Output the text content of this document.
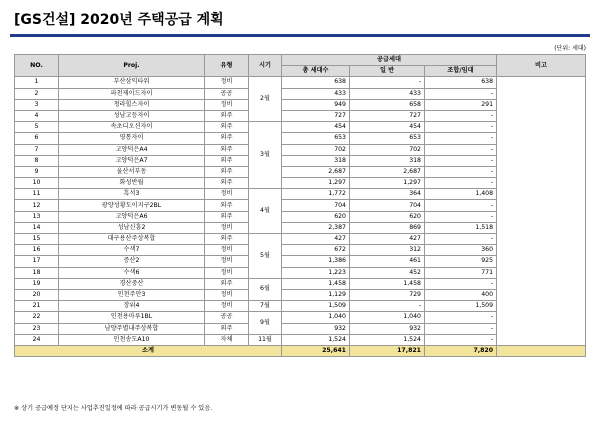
[GS건설] 2020년 주택공급 계획
(단위: 세대)
NO.	Proj.	유형	시기	공급세대			비고
				총 세대수	일 반	조합/임대	
1	부산삼익타워	정비	2월	638	-	638	
2	파천제이드자이	공공		433	433	-	
3	청라힐스자이	정비		949	658	291	
4	성남고등자이	외주		727	727	-	
5	속초디오션자이	외주	3월	454	454	-	
6	영통자이	외주		653	653	-	
7	고양덕은A4	외주		702	702	-	
8	고양덕은A7	외주		318	318	-	
9	울산서부동	외주		2,687	2,687	-	
10	화성반월	외주		1,297	1,297	-	
11	흑석3	정비	4월	1,772	364	1,408	
12	광양성황도이지구2BL	외주		704	704	-	
13	고양덕은A6	외주		620	620	-	
14	성남신흥2	정비		2,387	869	1,518	
15	대구용산주상복합	외주	5월	427	427	-	
16	수색7	정비		672	312	360	
17	증산2	정비		1,386	461	925	
18	수색6	정비		1,223	452	771	
19	경산중산	외주	6월	1,458	1,458	-	
20	인천주안3	정비		1,129	729	400	
21	장위4	정비	7월	1,509	-	1,509	
22	인천용마루1BL	공공	9월	1,040	1,040	-	
23	남양주별내주상복합	외주		932	932	-	
24	인천송도A10	자체	11월	1,524	1,524	-	
소계				25,641	17,821	7,820	
※ 상기 공급예정 단지는 사업추진일정에 따라 공급시기가 변동될 수 있음.
